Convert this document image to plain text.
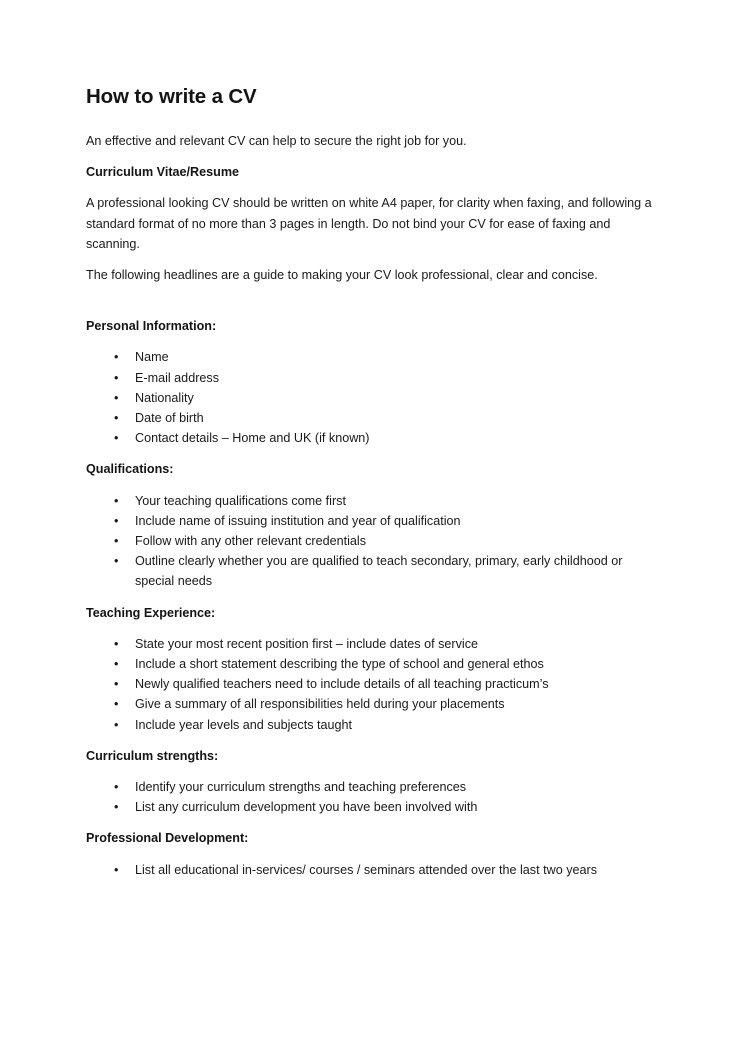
How to write a CV

An effective and relevant CV can help to secure the right job for you.

Curriculum Vitae/Resume

A professional looking CV should be written on white A4 paper, for clarity when faxing, and following a standard format of no more than 3 pages in length. Do not bind your CV for ease of faxing and scanning.

The following headlines are a guide to making your CV look professional, clear and concise.

Personal Information:
• Name
• E-mail address
• Nationality
• Date of birth
• Contact details – Home and UK (if known)
Qualifications:
• Your teaching qualifications come first
• Include name of issuing institution and year of qualification
• Follow with any other relevant credentials
• Outline clearly whether you are qualified to teach secondary, primary, early childhood or special needs
Teaching Experience:
• State your most recent position first – include dates of service
• Include a short statement describing the type of school and general ethos
• Newly qualified teachers need to include details of all teaching practicum’s
• Give a summary of all responsibilities held during your placements
• Include year levels and subjects taught
Curriculum strengths:
• Identify your curriculum strengths and teaching preferences
• List any curriculum development you have been involved with
Professional Development:
• List all educational in-services/ courses / seminars attended over the last two years
